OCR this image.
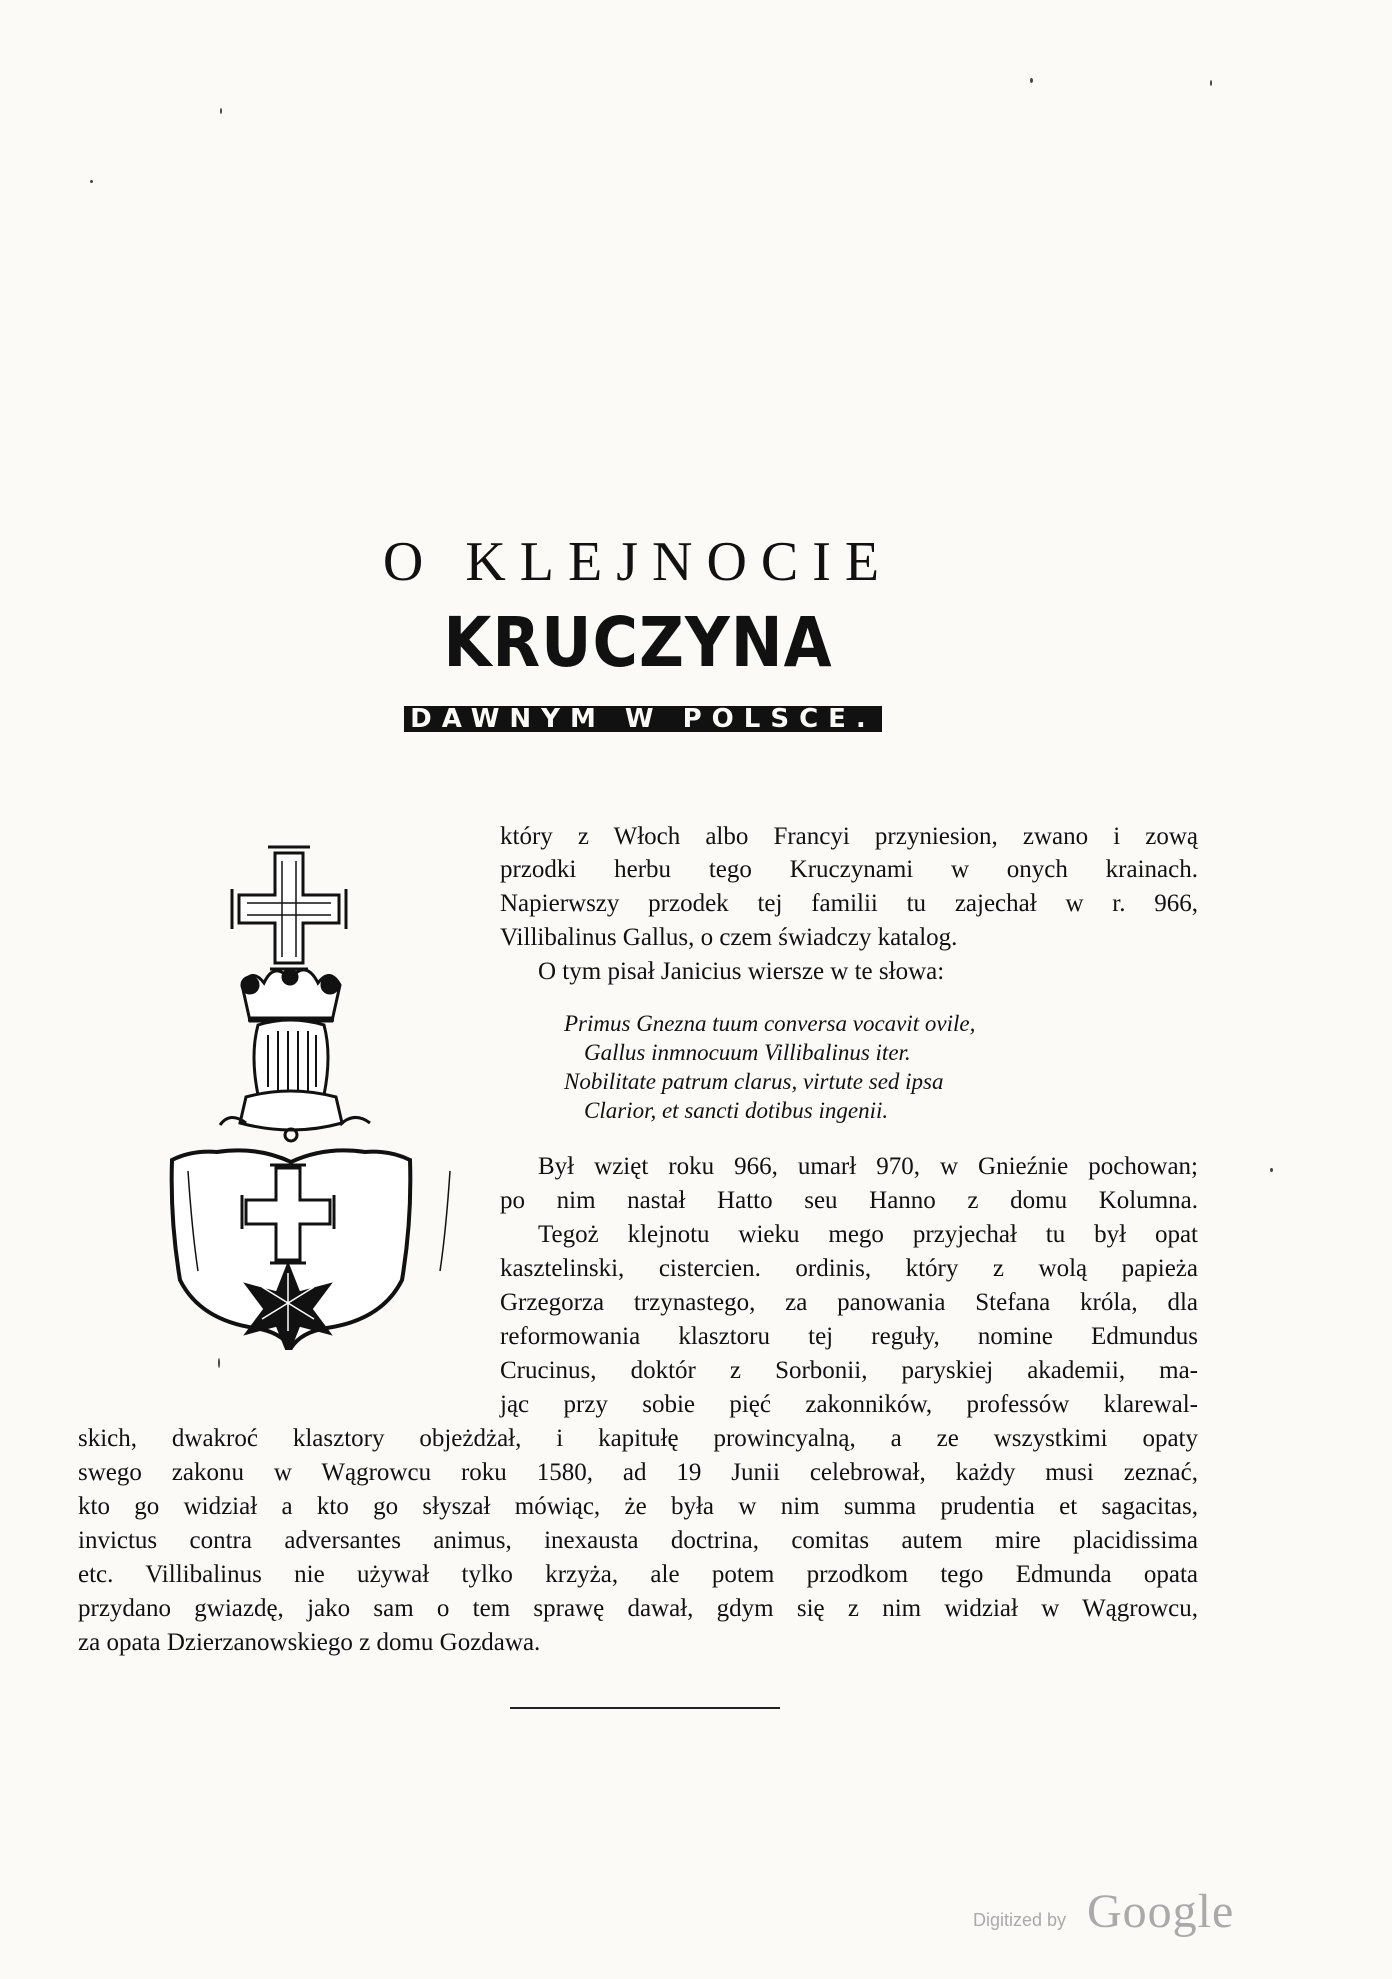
O KLEJNOCIE
KRUCZYNA
DAWNYM W POLSCE.
który z Włoch albo Francyi przyniesion, zwano i zową
przodki herbu tego Kruczynami w onych krainach.
Napierwszy przodek tej familii tu zajechał w r. 966,
Villibalinus Gallus, o czem świadczy katalog.
O tym pisał Janicius wiersze w te słowa:
Primus Gnezna tuum conversa vocavit ovile,
Gallus inmnocuum Villibalinus iter.
Nobilitate patrum clarus, virtute sed ipsa
Clarior, et sancti dotibus ingenii.
Był wzięt roku 966, umarł 970, w Gnieźnie pochowan;
po nim nastał Hatto seu Hanno z domu Kolumna.
Tegoż klejnotu wieku mego przyjechał tu był opat
kasztelinski, cistercien. ordinis, który z wolą papieża
Grzegorza trzynastego, za panowania Stefana króla, dla
reformowania klasztoru tej reguły, nomine Edmundus
Crucinus, doktór z Sorbonii, paryskiej akademii, ma-
jąc przy sobie pięć zakonników, professów klarewal-
skich, dwakroć klasztory objeżdżał, i kapitułę prowincyalną, a ze wszystkimi opaty
swego zakonu w Wągrowcu roku 1580, ad 19 Junii celebrował, każdy musi zeznać,
kto go widział a kto go słyszał mówiąc, że była w nim summa prudentia et sagacitas,
invictus contra adversantes animus, inexausta doctrina, comitas autem mire placidissima
etc. Villibalinus nie używał tylko krzyża, ale potem przodkom tego Edmunda opata
przydano gwiazdę, jako sam o tem sprawę dawał, gdym się z nim widział w Wągrowcu,
za opata Dzierzanowskiego z domu Gozdawa.
Digitized by Google
